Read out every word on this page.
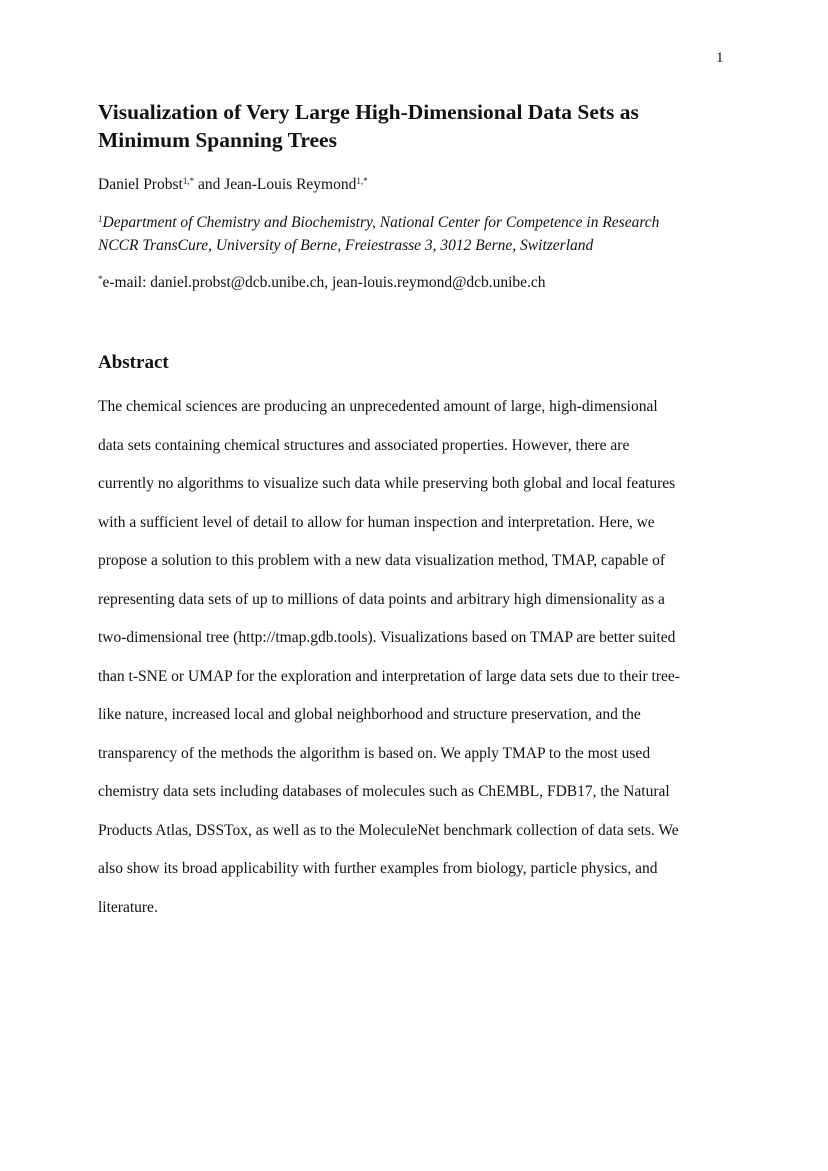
1
Visualization of Very Large High-Dimensional Data Sets as
Minimum Spanning Trees
Daniel Probst$^{1,*}$ and Jean-Louis Reymond$^{1,*}$
$^1$Department of Chemistry and Biochemistry, National Center for Competence in Research
NCCR TransCure, University of Berne, Freiestrasse 3, 3012 Berne, Switzerland
*e-mail: daniel.probst@dcb.unibe.ch, jean-louis.reymond@dcb.unibe.ch
Abstract
The chemical sciences are producing an unprecedented amount of large, high-dimensional
data sets containing chemical structures and associated properties. However, there are
currently no algorithms to visualize such data while preserving both global and local features
with a sufficient level of detail to allow for human inspection and interpretation. Here, we
propose a solution to this problem with a new data visualization method, TMAP, capable of
representing data sets of up to millions of data points and arbitrary high dimensionality as a
two-dimensional tree (http://tmap.gdb.tools). Visualizations based on TMAP are better suited
than t-SNE or UMAP for the exploration and interpretation of large data sets due to their tree-
like nature, increased local and global neighborhood and structure preservation, and the
transparency of the methods the algorithm is based on. We apply TMAP to the most used
chemistry data sets including databases of molecules such as ChEMBL, FDB17, the Natural
Products Atlas, DSSTox, as well as to the MoleculeNet benchmark collection of data sets. We
also show its broad applicability with further examples from biology, particle physics, and
literature.
